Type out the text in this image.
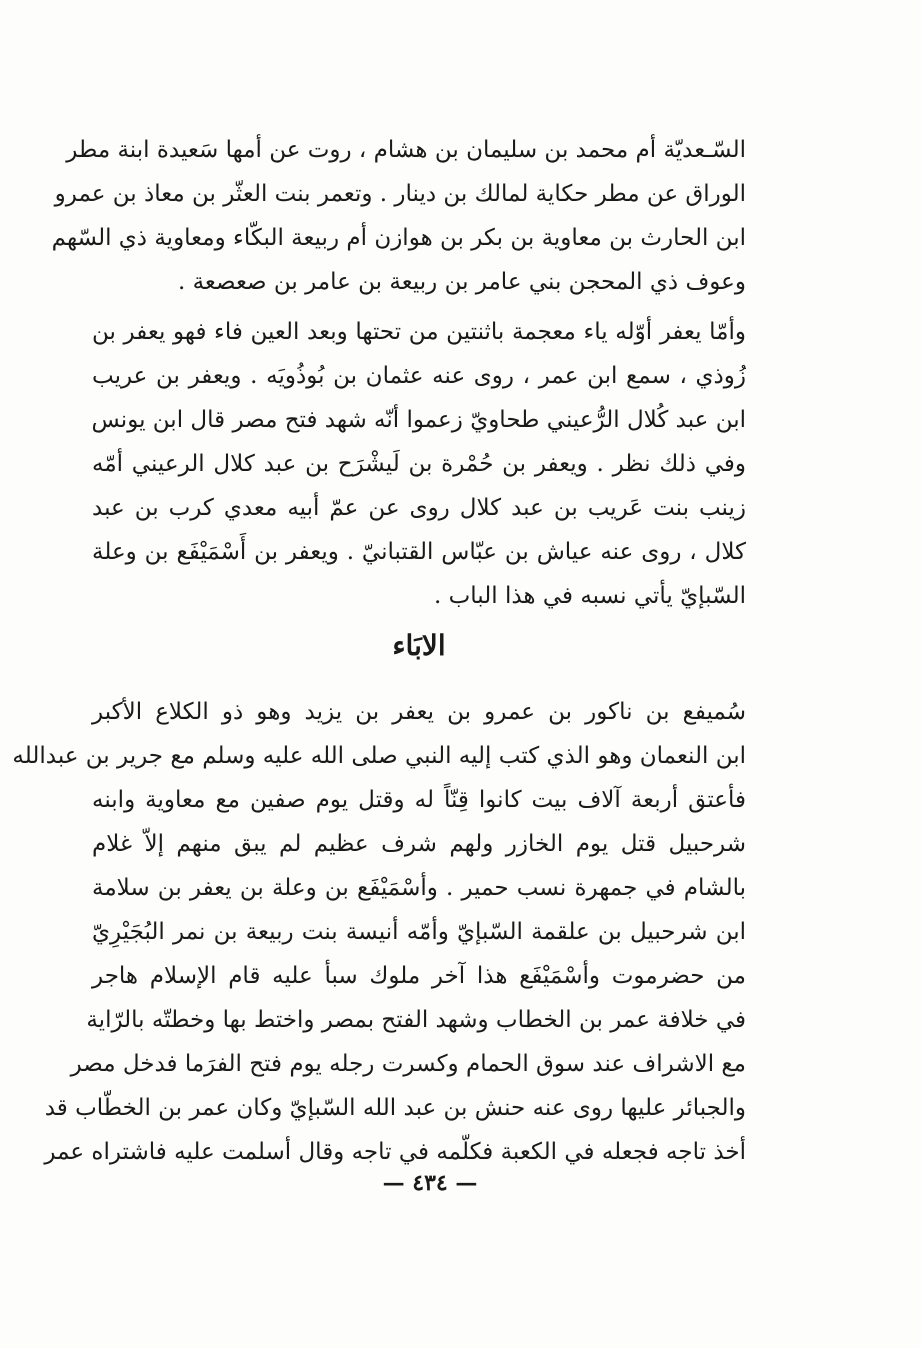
السّـعديّة أم محمد بن سليمان بن هشام ، روت عن أمها سَعيدة ابنة مطر
الوراق عن مطر حكاية لمالك بن دينار . وتعمر بنت العثّر بن معاذ بن عمرو
ابن الحارث بن معاوية بن بكر بن هوازن أم ربيعة البكّاء ومعاوية ذي السّهم
وعوف ذي المحجن بني عامر بن ربيعة بن عامر بن صعصعة .
وأمّا يعفر أوّله ياء معجمة باثنتين من تحتها وبعد العين فاء فهو يعفر بن
زُوذي ، سمع ابن عمر ، روى عنه عثمان بن بُوذُويَه . ويعفر بن عريب
ابن عبد كُلال الرُّعيني طحاويّ زعموا أنّه شهد فتح مصر قال ابن يونس
وفي ذلك نظر . ويعفر بن حُمْرة بن لَيشْرَح بن عبد كلال الرعيني أمّه
زينب بنت عَريب بن عبد كلال روى عن عمّ أبيه معدي كرب بن عبد
كلال ، روى عنه عياش بن عبّاس القتبانيّ . ويعفر بن أَسْمَيْفَع بن وعلة
السّبإيّ يأتي نسبه في هذا الباب .
الابَاء
سُميفع بن ناكور بن عمرو بن يعفر بن يزيد وهو ذو الكلاع الأكبر
ابن النعمان وهو الذي كتب إليه النبي صلى الله عليه وسلم مع جرير بن عبدالله
فأعتق أربعة آلاف بيت كانوا قِنّاً له وقتل يوم صفين مع معاوية وابنه
شرحبيل قتل يوم الخازر ولهم شرف عظيم لم يبق منهم إلاّ غلام
بالشام في جمهرة نسب حمير . وأسْمَيْفَع بن وعلة بن يعفر بن سلامة
ابن شرحبيل بن علقمة السّبإيّ وأمّه أنيسة بنت ربيعة بن نمر البُجَيْرِيّ
من حضرموت وأسْمَيْفَع هذا آخر ملوك سبأ عليه قام الإسلام هاجر
في خلافة عمر بن الخطاب وشهد الفتح بمصر واختط بها وخطتّه بالرّاية
مع الاشراف عند سوق الحمام وكسرت رجله يوم فتح الفرَما فدخل مصر
والجبائر عليها روى عنه حنش بن عبد الله السّبإيّ وكان عمر بن الخطّاب قد
أخذ تاجه فجعله في الكعبة فكلّمه في تاجه وقال أسلمت عليه فاشتراه عمر
— ٤٣٤ —
